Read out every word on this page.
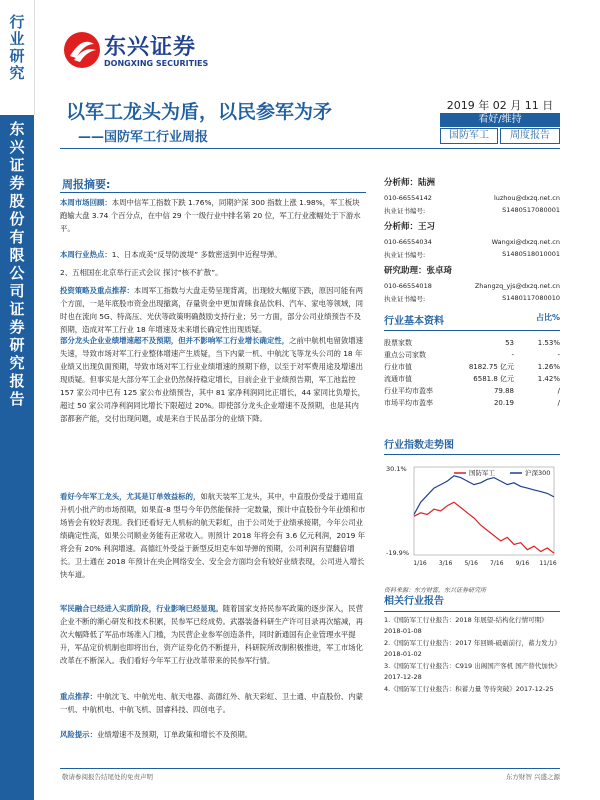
行业研究
东兴证券股份有限公司证券研究报告
东兴证券
DONGXING SECURITIES
以军工龙头为盾，以民参军为矛
——国防军工行业周报
2019 年 02 月 11 日
看好/维持
国防军工	周度报告
周报摘要:
本周市场回顾：本周中信军工指数下跌 1.76%，同期沪深 300 指数上涨 1.98%，军工板块跑输大盘 3.74 个百分点，在中信 29 个一级行业中排名第 20 位，军工行业涨幅处于下游水平。
本周行业热点：1、日本成美“反导防波堤” 多数密送到中近程导弹。
2、五相国在北京举行正式会议 探讨“核不扩散”。
投资策略及重点推荐：本周军工指数与大盘走势呈现背离，出现较大幅度下跌，原因可能有两个方面，一是年底股市资金出现撤离，存量资金中更加青睐食品饮料、汽车、家电等领域，同时也在流向 5G、特高压、光伏等政策明确鼓励支持行业；另一方面，部分公司业绩预告不及预期，造成对军工行业 18 年增速及未来增长确定性出现质疑。
部分龙头企业业绩增速超不及预期，但并不影响军工行业增长确定性，之前中航机电留敛增速失速，导致市场对军工行业整体增速产生质疑，当下内蒙一机、中航沈飞等龙头公司的 18 年业绩又出现负面预期，导致市场对军工行业业绩增速的预期下修，以至于对军费用途及增速出现质疑。但事实是大部分军工企业仍然保持稳定增长，目前企业于业绩预告期，军工池监控 157 家公司中已有 125 家公布业绩预告，其中 81 家净利润同比正增长，44 家同比负增长，超过 50 家公司净利润同比增长下限超过 20%。即使部分龙头企业增速不及预期，也是其内部都套产能，交付出现问题，或是来自于民品部分的业绩下降。
看好今年军工龙头，尤其是订单效益标的，如航天装军工龙头，其中，中直股份受益于通用直升机小批产的市场预期，如果直-8 型号今年仍然能保持一定数量，预计中直股份今年业绩和市场皆会有较好表现。我们还看好无人机标的航天彩虹，由于公司处于业绩承接期，今年公司业绩确定性高，如果公司顺业务能有正常收入。则预计 2018 年将会有 3.6 亿元利润，2019 年将会有 20% 利润增速。高德红外受益于新型反坦克车如导弹的预期，公司利润有望翻倍增长。卫士通在 2018 年预计在央企网络安全、安全会方面均会有较好业绩表现，公司进入增长快车道。
军民融合已经进入实质阶段，行业影响已经显现。随着国家支持民参军政策的逐步深入，民营企业不断的渐心研发和技术积累，民参军已经成势。武器装备科研生产许可目录再次缩减，再次大幅降低了军品市场准入门槛，为民营企业参军创造条件，同时新通国有企业管理水平提升，军品定价机制也即将出台，资产证券化仍不断提升，科研院所改制积极推进，军工市场化改革在不断深入。我们看好今年军工行业改革带来的民参军行情。
重点推荐：中航沈飞、中航光电、航天电器、高德红外、航天彩虹、卫士通、中直股份、内蒙一机、中航机电、中航飞机、国睿科技、四创电子。
风险提示：业绩增速不及预期，订单政策和增长不及预期。
分析师：陆洲
010-66554142	luzhou@dxzq.net.cn
执业证书编号:	S1480517080001
分析师：王习
010-66554034	Wangxi@dxzq.net.cn
执业证书编号:	S1480518010001
研究助理：张卓琦
010-66554018	Zhangzq_yjs@dxzq.net.cn
执业证书编号:	S1480117080010
行业基本资料	占比%
股票家数	53	1.53%
重点公司家数	-	-
行业市值	8182.75 亿元	1.26%
流通市值	6581.8 亿元	1.42%
行业平均市盈率	79.88	/
市场平均市盈率	20.19	/
行业指数走势图
30.1%
-19.9%
1/16 3/16 5/16 7/16 9/16 11/16
国防军工	沪深300
资料来源：东方财富，东兴证券研究所
相关行业报告
1.《国防军工行业报告：2018 年展望-结构化行情可期》2018-01-08
2.《国防军工行业报告：2017 年回顾-砥砺前行，蓄力发力》2018-01-02
3.《国防军工行业报告：C919 出阁国产客机 国产替代加快》2017-12-28
4.《国防军工行业报告：积蓄力量 等待突破》2017-12-25
敬请参阅报告结尾处的免责声明	东方财智 兴盛之源
